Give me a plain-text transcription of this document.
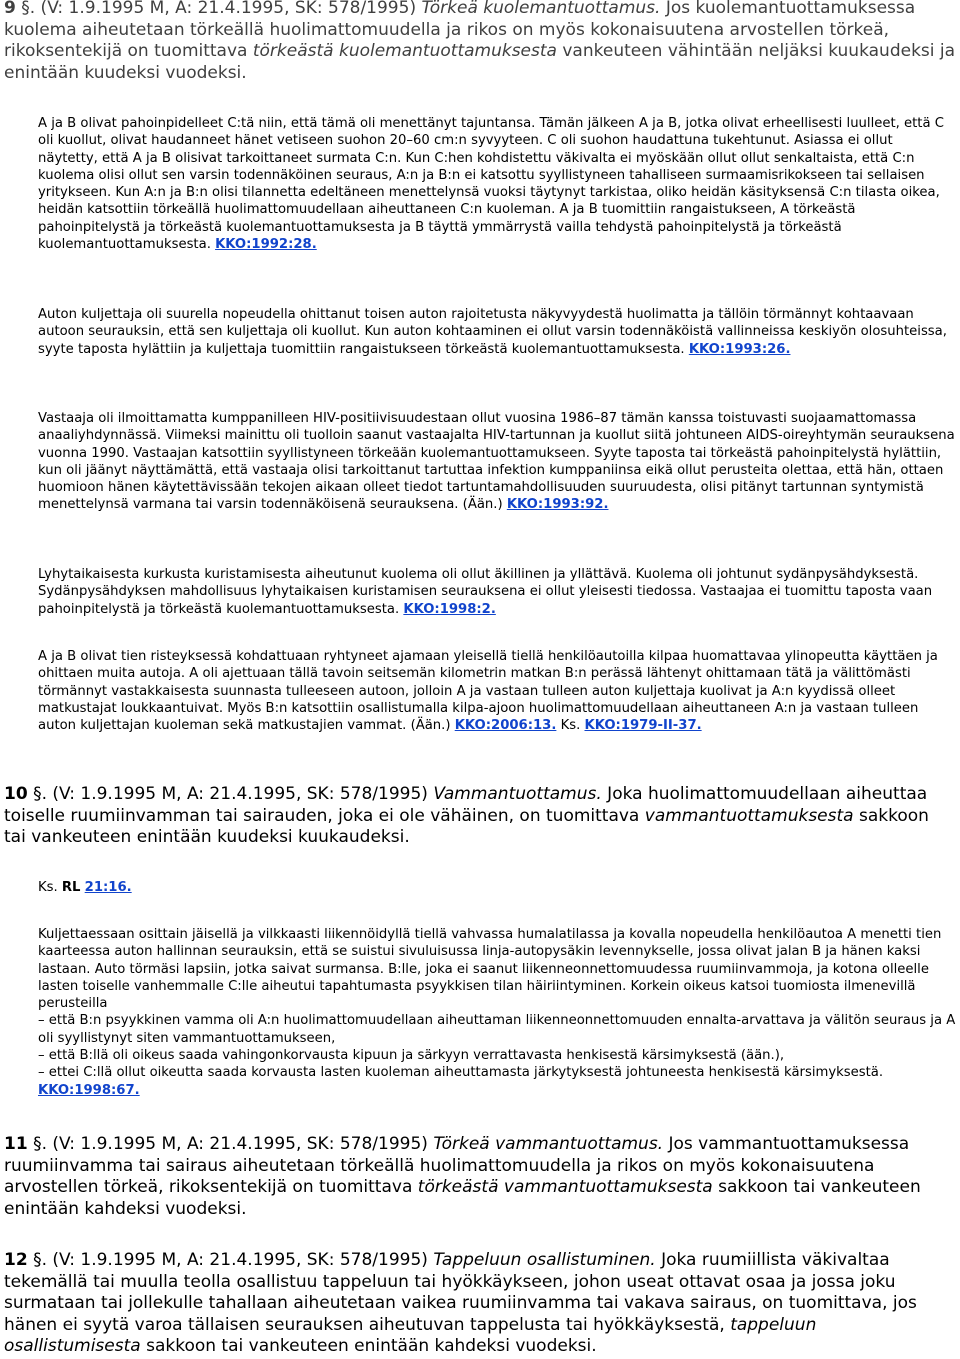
9 §. (V: 1.9.1995 M, A: 21.4.1995, SK: 578/1995) Törkeä kuolemantuottamus. Jos kuolemantuottamuksessa kuolema aiheutetaan törkeällä huolimattomuudella ja rikos on myös kokonaisuutena arvostellen törkeä, rikoksentekijä on tuomittava törkeästä kuolemantuottamuksesta vankeuteen vähintään neljäksi kuukaudeksi ja enintään kuudeksi vuodeksi.
A ja B olivat pahoinpidelleet C:tä niin, että tämä oli menettänyt tajuntansa. Tämän jälkeen A ja B, jotka olivat erheellisesti luulleet, että C oli kuollut, olivat haudanneet hänet vetiseen suohon 20–60 cm:n syvyyteen. C oli suohon haudattuna tukehtunut. Asiassa ei ollut näytetty, että A ja B olisivat tarkoittaneet surmata C:n. Kun C:hen kohdistettu väkivalta ei myöskään ollut ollut senkaltaista, että C:n kuolema olisi ollut sen varsin todennäköinen seuraus, A:n ja B:n ei katsottu syyllistyneen tahalliseen surmaamisrikokseen tai sellaisen yritykseen. Kun A:n ja B:n olisi tilannetta edeltäneen menettelynsä vuoksi täytynyt tarkistaa, oliko heidän käsityksensä C:n tilasta oikea, heidän katsottiin törkeällä huolimattomuudellaan aiheuttaneen C:n kuoleman. A ja B tuomittiin rangaistukseen, A törkeästä pahoinpitelystä ja törkeästä kuolemantuottamuksesta ja B täyttä ymmärrystä vailla tehdystä pahoinpitelystä ja törkeästä kuolemantuottamuksesta. KKO:1992:28.
Auton kuljettaja oli suurella nopeudella ohittanut toisen auton rajoitetusta näkyvyydestä huolimatta ja tällöin törmännyt kohtaavaan autoon seurauksin, että sen kuljettaja oli kuollut. Kun auton kohtaaminen ei ollut varsin todennäköistä vallinneissa keskiyön olosuhteissa, syyte taposta hylättiin ja kuljettaja tuomittiin rangaistukseen törkeästä kuolemantuottamuksesta. KKO:1993:26.
Vastaaja oli ilmoittamatta kumppanilleen HIV-positiivisuudestaan ollut vuosina 1986–87 tämän kanssa toistuvasti suojaamattomassa anaaliyhdynnässä. Viimeksi mainittu oli tuolloin saanut vastaajalta HIV-tartunnan ja kuollut siitä johtuneen AIDS-oireyhtymän seurauksena vuonna 1990. Vastaajan katsottiin syyllistyneen törkeään kuolemantuottamukseen. Syyte taposta tai törkeästä pahoinpitelystä hylättiin, kun oli jäänyt näyttämättä, että vastaaja olisi tarkoittanut tartuttaa infektion kumppaniinsa eikä ollut perusteita olettaa, että hän, ottaen huomioon hänen käytettävissään tekojen aikaan olleet tiedot tartuntamahdollisuuden suuruudesta, olisi pitänyt tartunnan syntymistä menettelynsä varmana tai varsin todennäköisenä seurauksena. (Ään.) KKO:1993:92.
Lyhytaikaisesta kurkusta kuristamisesta aiheutunut kuolema oli ollut äkillinen ja yllättävä. Kuolema oli johtunut sydänpysähdyksestä. Sydänpysähdyksen mahdollisuus lyhytaikaisen kuristamisen seurauksena ei ollut yleisesti tiedossa. Vastaajaa ei tuomittu taposta vaan pahoinpitelystä ja törkeästä kuolemantuottamuksesta. KKO:1998:2.
A ja B olivat tien risteyksessä kohdattuaan ryhtyneet ajamaan yleisellä tiellä henkilöautoilla kilpaa huomattavaa ylinopeutta käyttäen ja ohittaen muita autoja. A oli ajettuaan tällä tavoin seitsemän kilometrin matkan B:n perässä lähtenyt ohittamaan tätä ja välittömästi törmännyt vastakkaisesta suunnasta tulleeseen autoon, jolloin A ja vastaan tulleen auton kuljettaja kuolivat ja A:n kyydissä olleet matkustajat loukkaantuivat. Myös B:n katsottiin osallistumalla kilpa-ajoon huolimattomuudellaan aiheuttaneen A:n ja vastaan tulleen auton kuljettajan kuoleman sekä matkustajien vammat. (Ään.) KKO:2006:13. Ks. KKO:1979-II-37.
10 §. (V: 1.9.1995 M, A: 21.4.1995, SK: 578/1995) Vammantuottamus. Joka huolimattomuudellaan aiheuttaa toiselle ruumiinvamman tai sairauden, joka ei ole vähäinen, on tuomittava vammantuottamuksesta sakkoon tai vankeuteen enintään kuudeksi kuukaudeksi.
Ks. RL 21:16.
Kuljettaessaan osittain jäisellä ja vilkkaasti liikennöidyllä tiellä vahvassa humalatilassa ja kovalla nopeudella henkilöautoa A menetti tien kaarteessa auton hallinnan seurauksin, että se suistui sivuluisussa linja-autopysäkin levennykselle, jossa olivat jalan B ja hänen kaksi lastaan. Auto törmäsi lapsiin, jotka saivat surmansa. B:lle, joka ei saanut liikenneonnettomuudessa ruumiinvammoja, ja kotona olleelle lasten toiselle vanhemmalle C:lle aiheutui tapahtumasta psyykkisen tilan häiriintyminen. Korkein oikeus katsoi tuomiosta ilmenevillä perusteilla
– että B:n psyykkinen vamma oli A:n huolimattomuudellaan aiheuttaman liikenneonnettomuuden ennalta-arvattava ja välitön seuraus ja A oli syyllistynyt siten vammantuottamukseen,
– että B:llä oli oikeus saada vahingonkorvausta kipuun ja särkyyn verrattavasta henkisestä kärsimyksestä (ään.),
– ettei C:llä ollut oikeutta saada korvausta lasten kuoleman aiheuttamasta järkytyksestä johtuneesta henkisestä kärsimyksestä. KKO:1998:67.
11 §. (V: 1.9.1995 M, A: 21.4.1995, SK: 578/1995) Törkeä vammantuottamus. Jos vammantuottamuksessa ruumiinvamma tai sairaus aiheutetaan törkeällä huolimattomuudella ja rikos on myös kokonaisuutena arvostellen törkeä, rikoksentekijä on tuomittava törkeästä vammantuottamuksesta sakkoon tai vankeuteen enintään kahdeksi vuodeksi.
12 §. (V: 1.9.1995 M, A: 21.4.1995, SK: 578/1995) Tappeluun osallistuminen. Joka ruumiillista väkivaltaa tekemällä tai muulla teolla osallistuu tappeluun tai hyökkäykseen, johon useat ottavat osaa ja jossa joku surmataan tai jollekulle tahallaan aiheutetaan vaikea ruumiinvamma tai vakava sairaus, on tuomittava, jos hänen ei syytä varoa tällaisen seurauksen aiheutuvan tappelusta tai hyökkäyksestä, tappeluun osallistumisesta sakkoon tai vankeuteen enintään kahdeksi vuodeksi.
